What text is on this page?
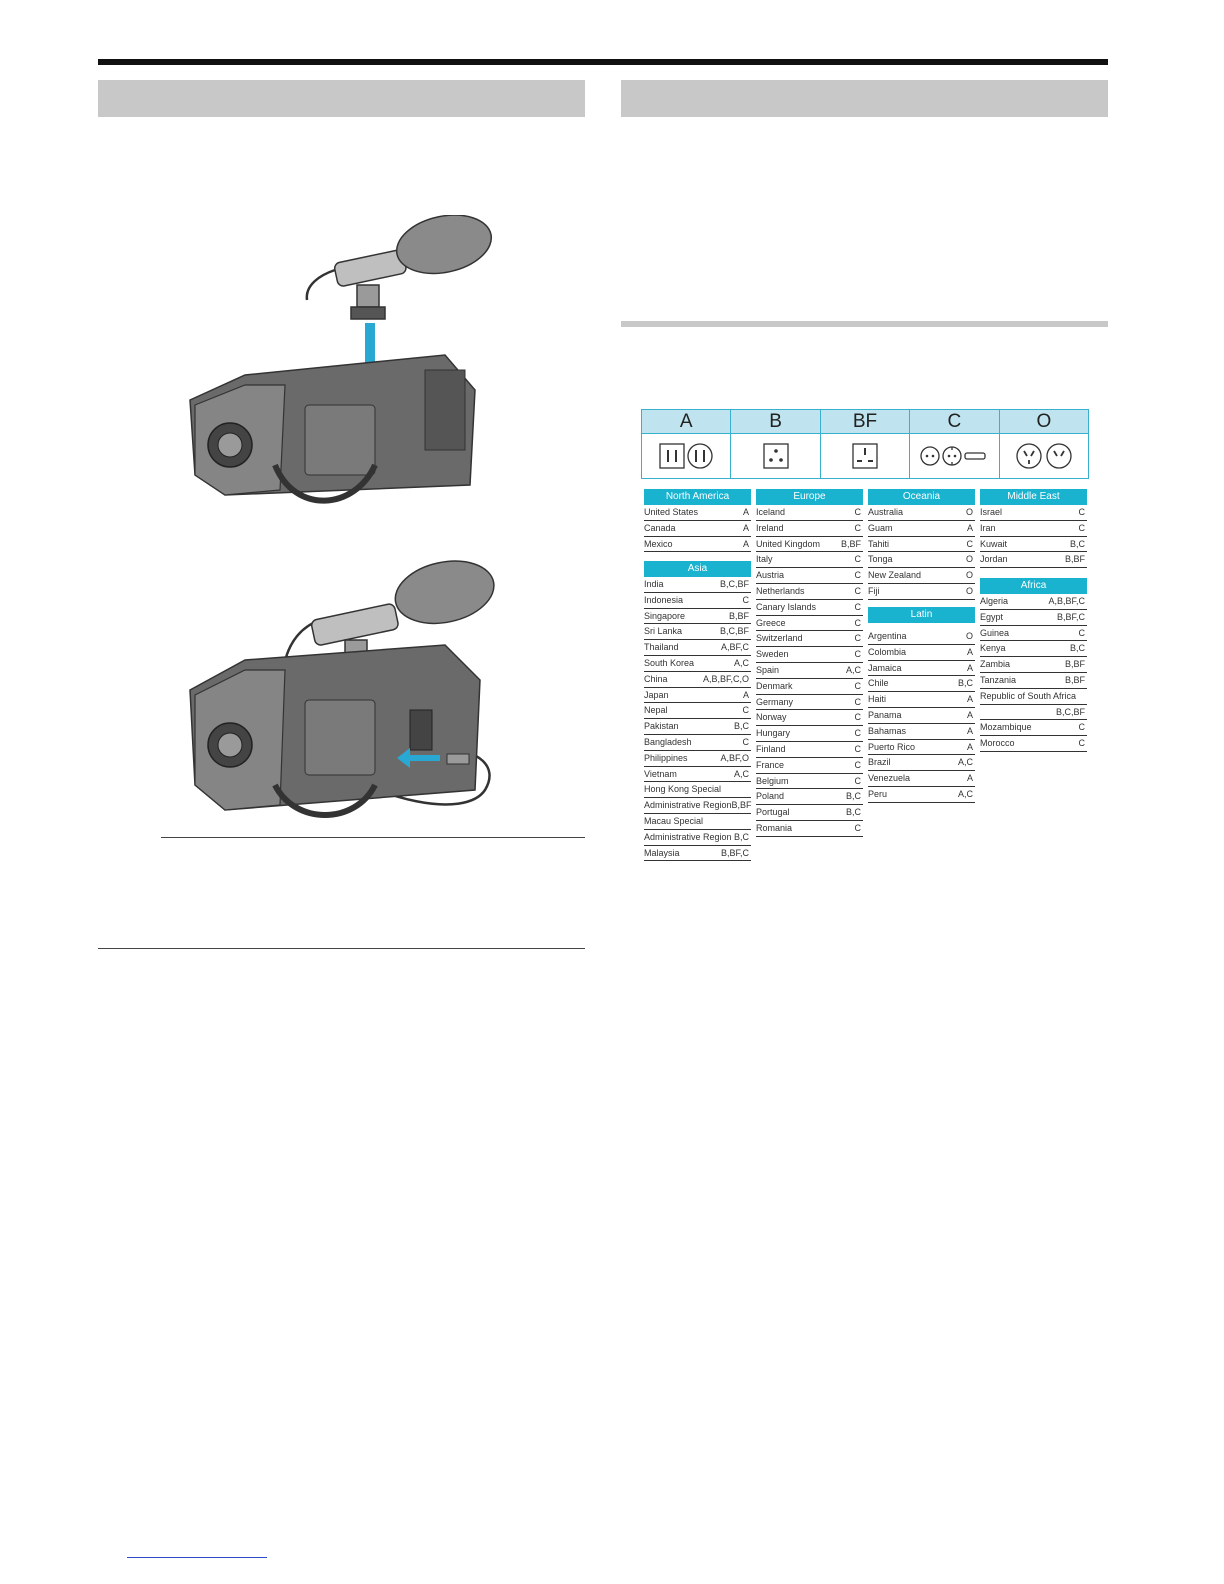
A	B	BF	C	O
North America
United States	A
Canada	A
Mexico	A
Asia
India	B,C,BF
Indonesia	C
Singapore	B,BF
Sri Lanka	B,C,BF
Thailand	A,BF,C
South Korea	A,C
China	A,B,BF,C,O
Japan	A
Nepal	C
Pakistan	B,C
Bangladesh	C
Philippines	A,BF,O
Vietnam	A,C
Hong Kong Special
Administrative Region B,BF
Macau Special
Administrative Region B,C
Malaysia	B,BF,C
Europe
Iceland	C
Ireland	C
United Kingdom B,BF
Italy	C
Austria	C
Netherlands	C
Canary Islands	C
Greece	C
Switzerland	C
Sweden	C
Spain	A,C
Denmark	C
Germany	C
Norway	C
Hungary	C
Finland	C
France	C
Belgium	C
Poland	B,C
Portugal	B,C
Romania	C
Oceania
Australia	O
Guam	A
Tahiti	C
Tonga	O
New Zealand	O
Fiji	O
Latin
Argentina	O
Colombia	A
Jamaica	A
Chile	B,C
Haiti	A
Panama	A
Bahamas	A
Puerto Rico	A
Brazil	A,C
Venezuela	A
Peru	A,C
Middle East
Israel	C
Iran	C
Kuwait	B,C
Jordan	B,BF
Africa
Algeria	A,B,BF,C
Egypt	B,BF,C
Guinea	C
Kenya	B,C
Zambia	B,BF
Tanzania	B,BF
Republic of South Africa
B,C,BF
Mozambique	C
Morocco	C
